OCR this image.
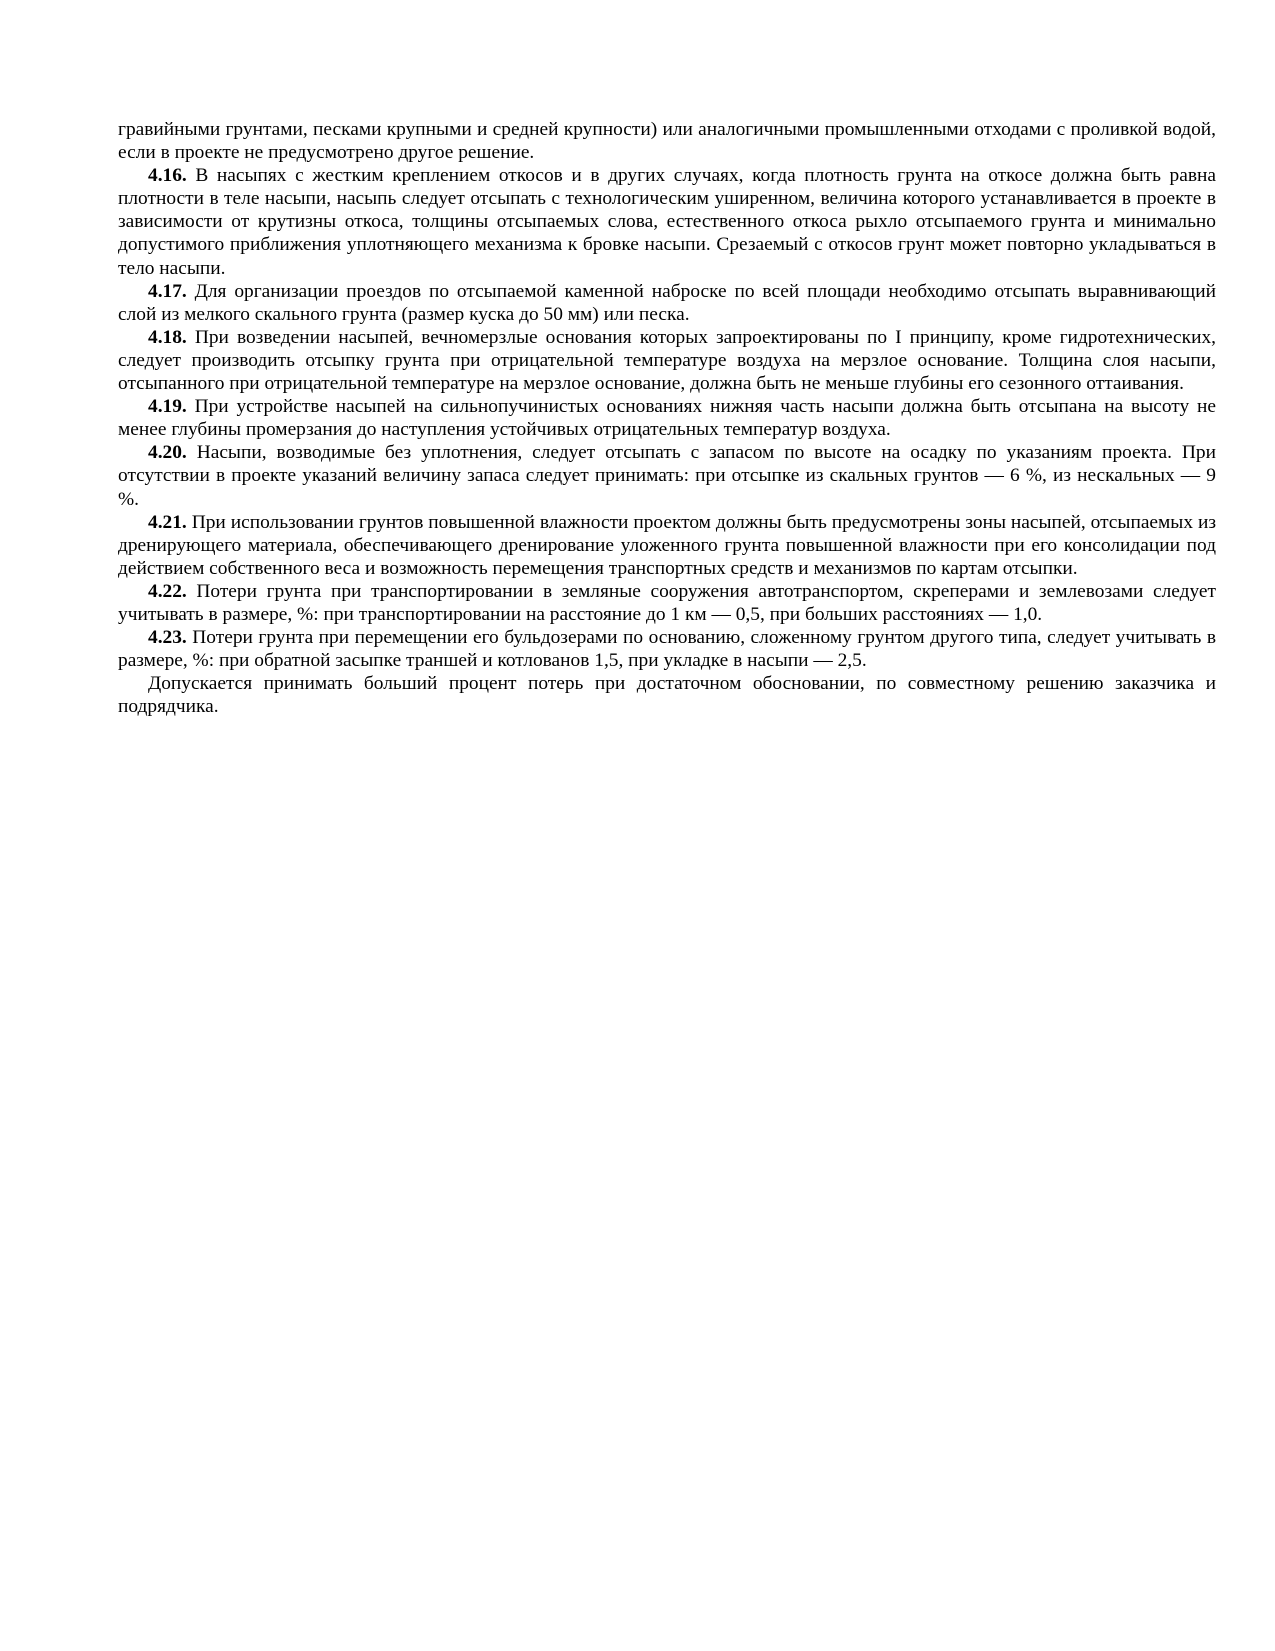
гравийными грунтами, песками крупными и средней крупности) или аналогичными промышленными отходами с проливкой водой, если в проекте не предусмотрено другое решение.

4.16. В насыпях с жестким креплением откосов и в других случаях, когда плотность грунта на откосе должна быть равна плотности в теле насыпи, насыпь следует отсыпать с технологическим уширенном, величина которого устанавливается в проекте в зависимости от крутизны откоса, толщины отсыпаемых слова, естественного откоса рыхло отсыпаемого грунта и минимально допустимого приближения уплотняющего механизма к бровке насыпи. Срезаемый с откосов грунт может повторно укладываться в тело насыпи.

4.17. Для организации проездов по отсыпаемой каменной наброске по всей площади необходимо отсыпать выравнивающий слой из мелкого скального грунта (размер куска до 50 мм) или песка.

4.18. При возведении насыпей, вечномерзлые основания которых запроектированы по I принципу, кроме гидротехнических, следует производить отсыпку грунта при отрицательной температуре воздуха на мерзлое основание. Толщина слоя насыпи, отсыпанного при отрицательной температуре на мерзлое основание, должна быть не меньше глубины его сезонного оттаивания.

4.19. При устройстве насыпей на сильнопучинистых основаниях нижняя часть насыпи должна быть отсыпана на высоту не менее глубины промерзания до наступления устойчивых отрицательных температур воздуха.

4.20. Насыпи, возводимые без уплотнения, следует отсыпать с запасом по высоте на осадку по указаниям проекта. При отсутствии в проекте указаний величину запаса следует принимать: при отсыпке из скальных грунтов — 6 %, из нескальных — 9 %.

4.21. При использовании грунтов повышенной влажности проектом должны быть предусмотрены зоны насыпей, отсыпаемых из дренирующего материала, обеспечивающего дренирование уложенного грунта повышенной влажности при его консолидации под действием собственного веса и возможность перемещения транспортных средств и механизмов по картам отсыпки.

4.22. Потери грунта при транспортировании в земляные сооружения автотранспортом, скреперами и землевозами следует учитывать в размере, %: при транспортировании на расстояние до 1 км — 0,5, при больших расстояниях — 1,0.

4.23. Потери грунта при перемещении его бульдозерами по основанию, сложенному грунтом другого типа, следует учитывать в размере, %: при обратной засыпке траншей и котлованов 1,5, при укладке в насыпи — 2,5.

Допускается принимать больший процент потерь при достаточном обосновании, по совместному решению заказчика и подрядчика.
